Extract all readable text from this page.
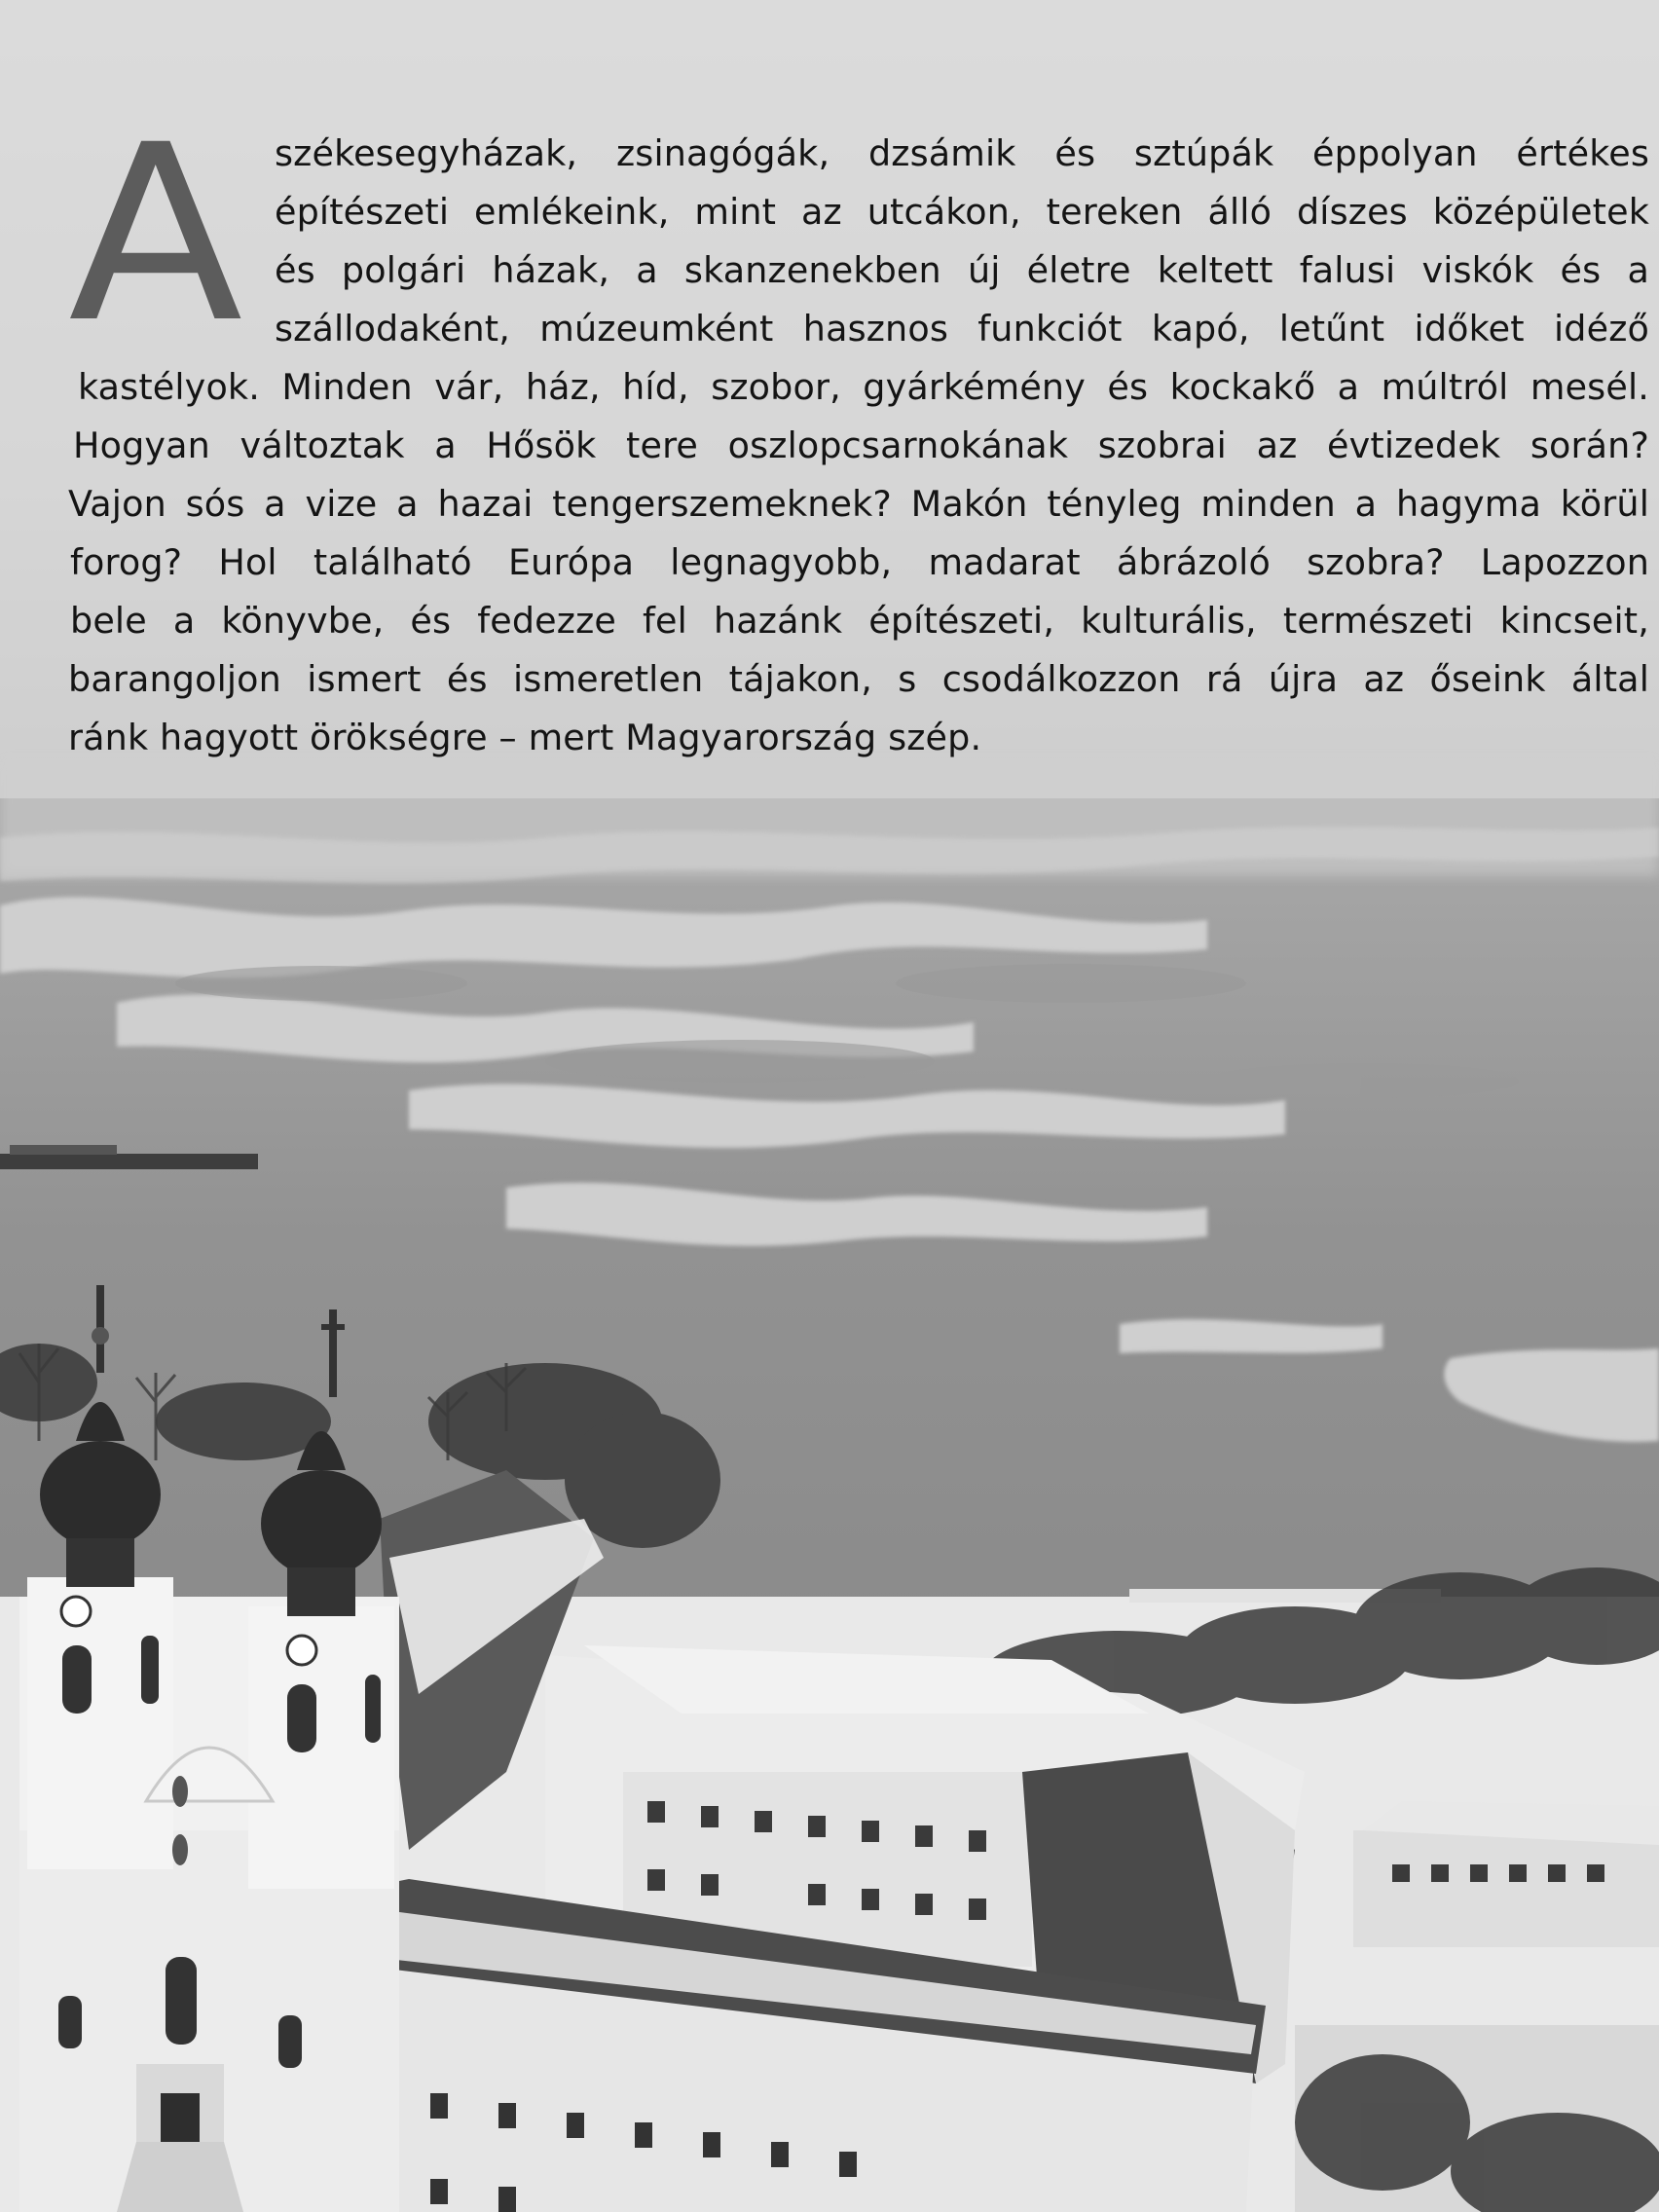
A székesegyházak, zsinagógák, dzsámik és sztúpák éppolyan értékes
építészeti emlékeink, mint az utcákon, tereken álló díszes középületek
és polgári házak, a skanzenekben új életre keltett falusi viskók és a
szállodaként, múzeumként hasznos funkciót kapó, letűnt időket idéző
kastélyok. Minden vár, ház, híd, szobor, gyárkémény és kockakő a múltról mesél.
Hogyan változtak a Hősök tere oszlopcsarnokának szobrai az évtizedek során?
Vajon sós a vize a hazai tengerszemeknek? Makón tényleg minden a hagyma körül
forog? Hol található Európa legnagyobb, madarat ábrázoló szobra? Lapozzon
bele a könyvbe, és fedezze fel hazánk építészeti, kulturális, természeti kincseit,
barangoljon ismert és ismeretlen tájakon, s csodálkozzon rá újra az őseink által
ránk hagyott örökségre – mert Magyarország szép.
